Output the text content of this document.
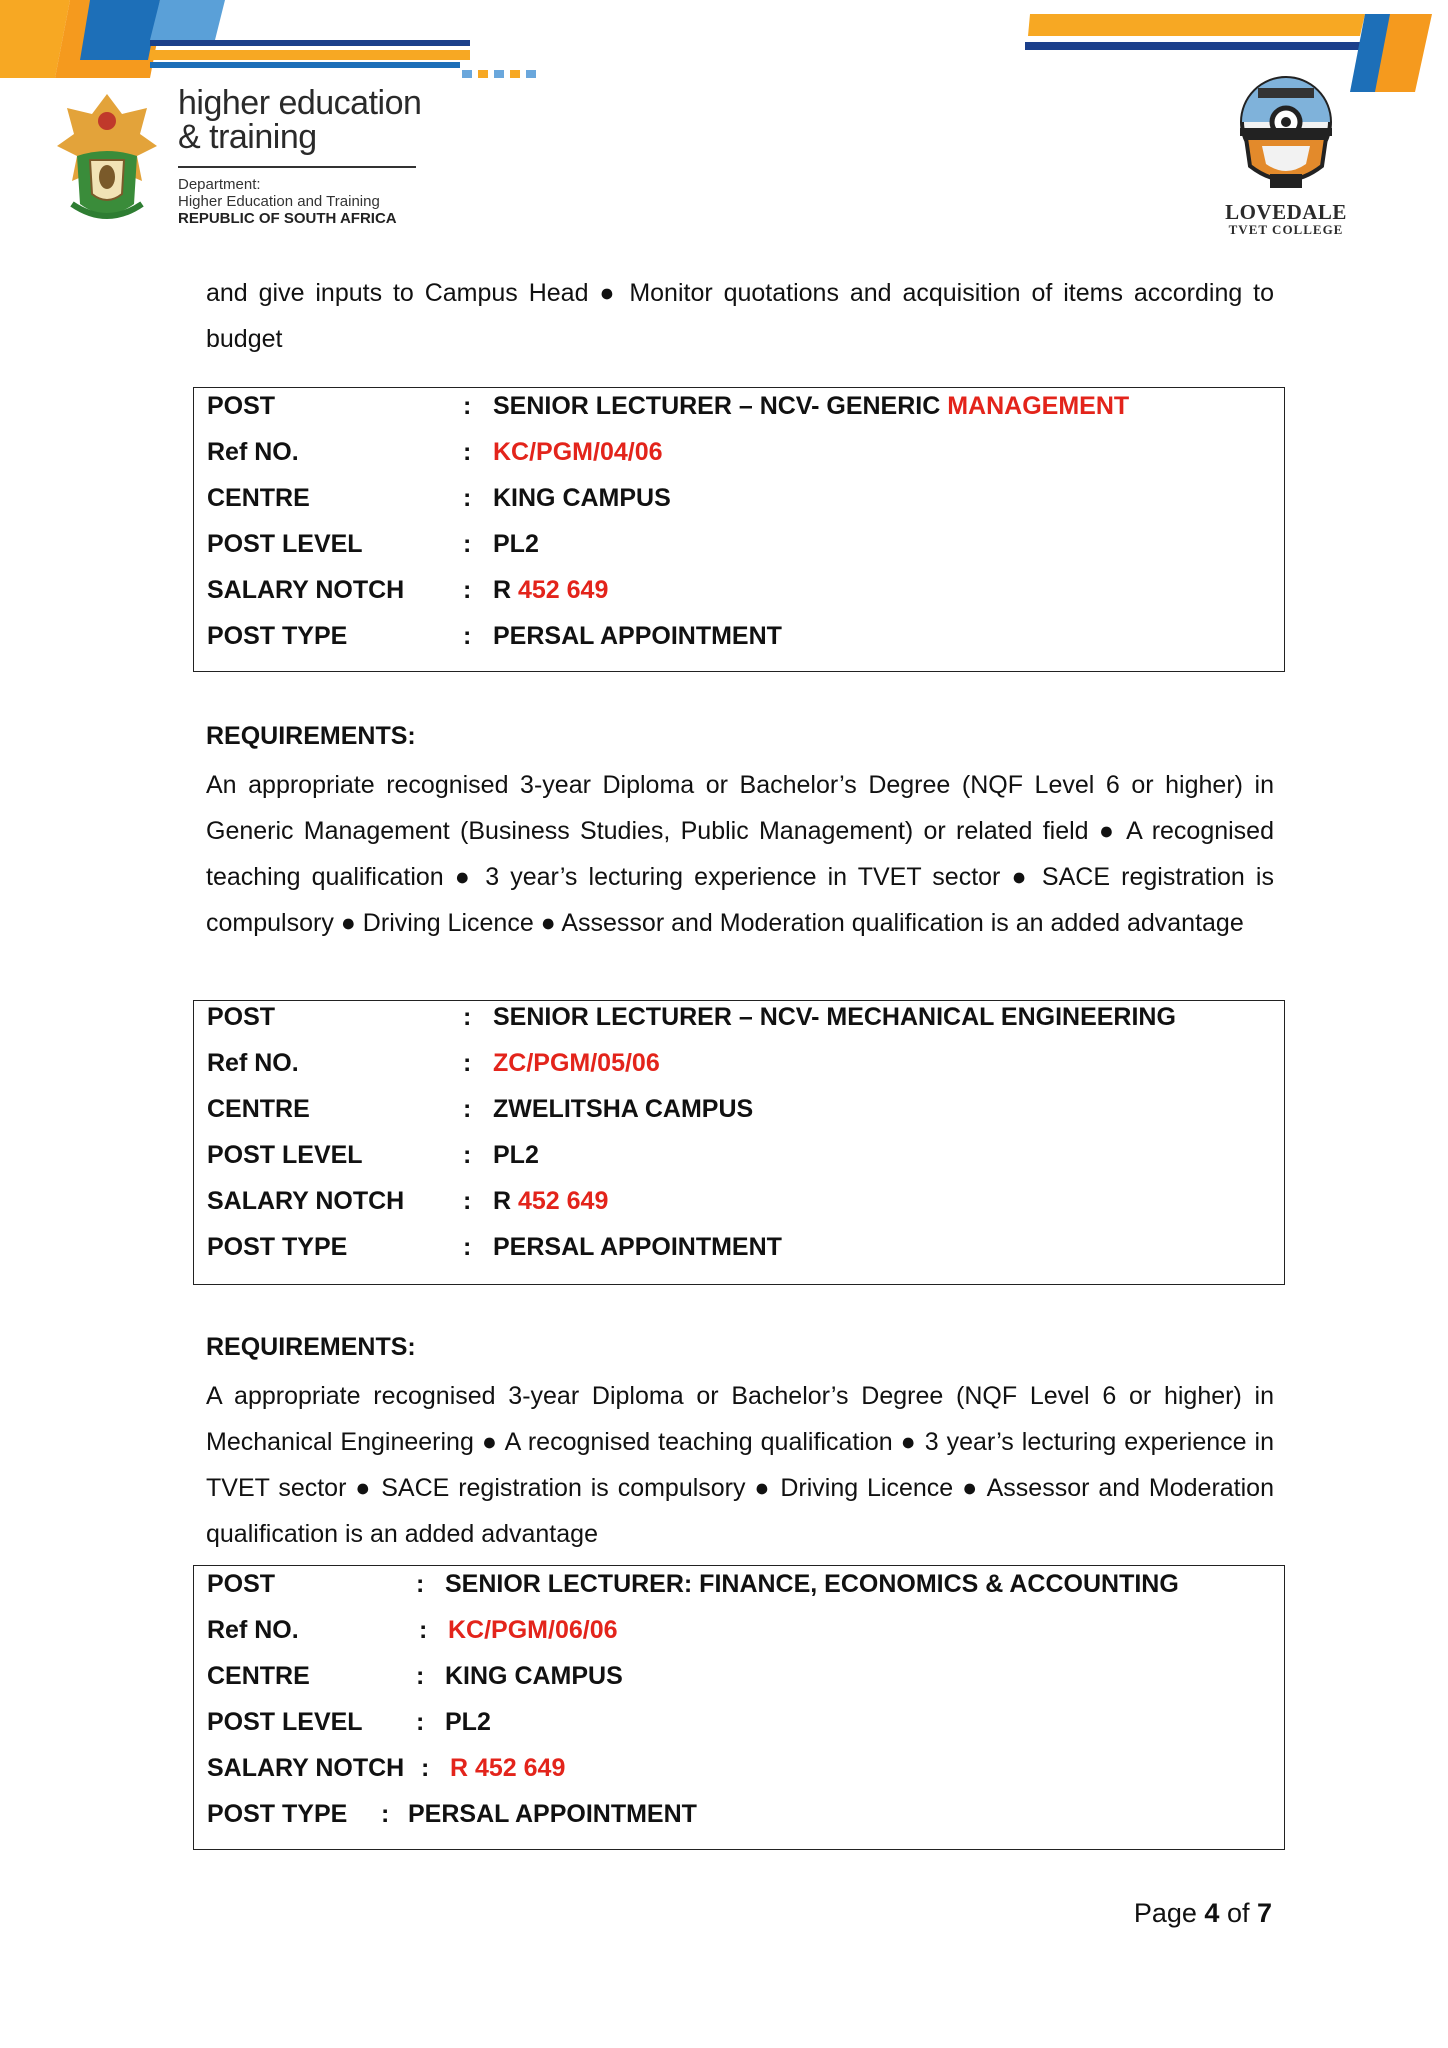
higher education
& training
Department:
Higher Education and Training
REPUBLIC OF SOUTH AFRICA	LOVEDALE
TVET COLLEGE
and give inputs to Campus Head ● Monitor quotations and acquisition of items according to budget
POST	: SENIOR LECTURER – NCV- GENERIC MANAGEMENT
Ref NO.	: KC/PGM/04/06
CENTRE	: KING CAMPUS
POST LEVEL	: PL2
SALARY NOTCH : R 452 649
POST TYPE	: PERSAL APPOINTMENT
REQUIREMENTS:
An appropriate recognised 3-year Diploma or Bachelor’s Degree (NQF Level 6 or higher) in Generic Management (Business Studies, Public Management) or related field ● A recognised teaching qualification ● 3 year’s lecturing experience in TVET sector ● SACE registration is compulsory ● Driving Licence ● Assessor and Moderation qualification is an added advantage
POST	: SENIOR LECTURER – NCV- MECHANICAL ENGINEERING
Ref NO.	: ZC/PGM/05/06
CENTRE	: ZWELITSHA CAMPUS
POST LEVEL	: PL2
SALARY NOTCH : R 452 649
POST TYPE	: PERSAL APPOINTMENT
REQUIREMENTS:
A appropriate recognised 3-year Diploma or Bachelor’s Degree (NQF Level 6 or higher) in Mechanical Engineering ● A recognised teaching qualification ● 3 year’s lecturing experience in TVET sector ● SACE registration is compulsory ● Driving Licence ● Assessor and Moderation qualification is an added advantage
POST	: SENIOR LECTURER: FINANCE, ECONOMICS & ACCOUNTING
Ref NO.	: KC/PGM/06/06
CENTRE	: KING CAMPUS
POST LEVEL : PL2
SALARY NOTCH : R 452 649
POST TYPE : PERSAL APPOINTMENT
Page 4 of 7
